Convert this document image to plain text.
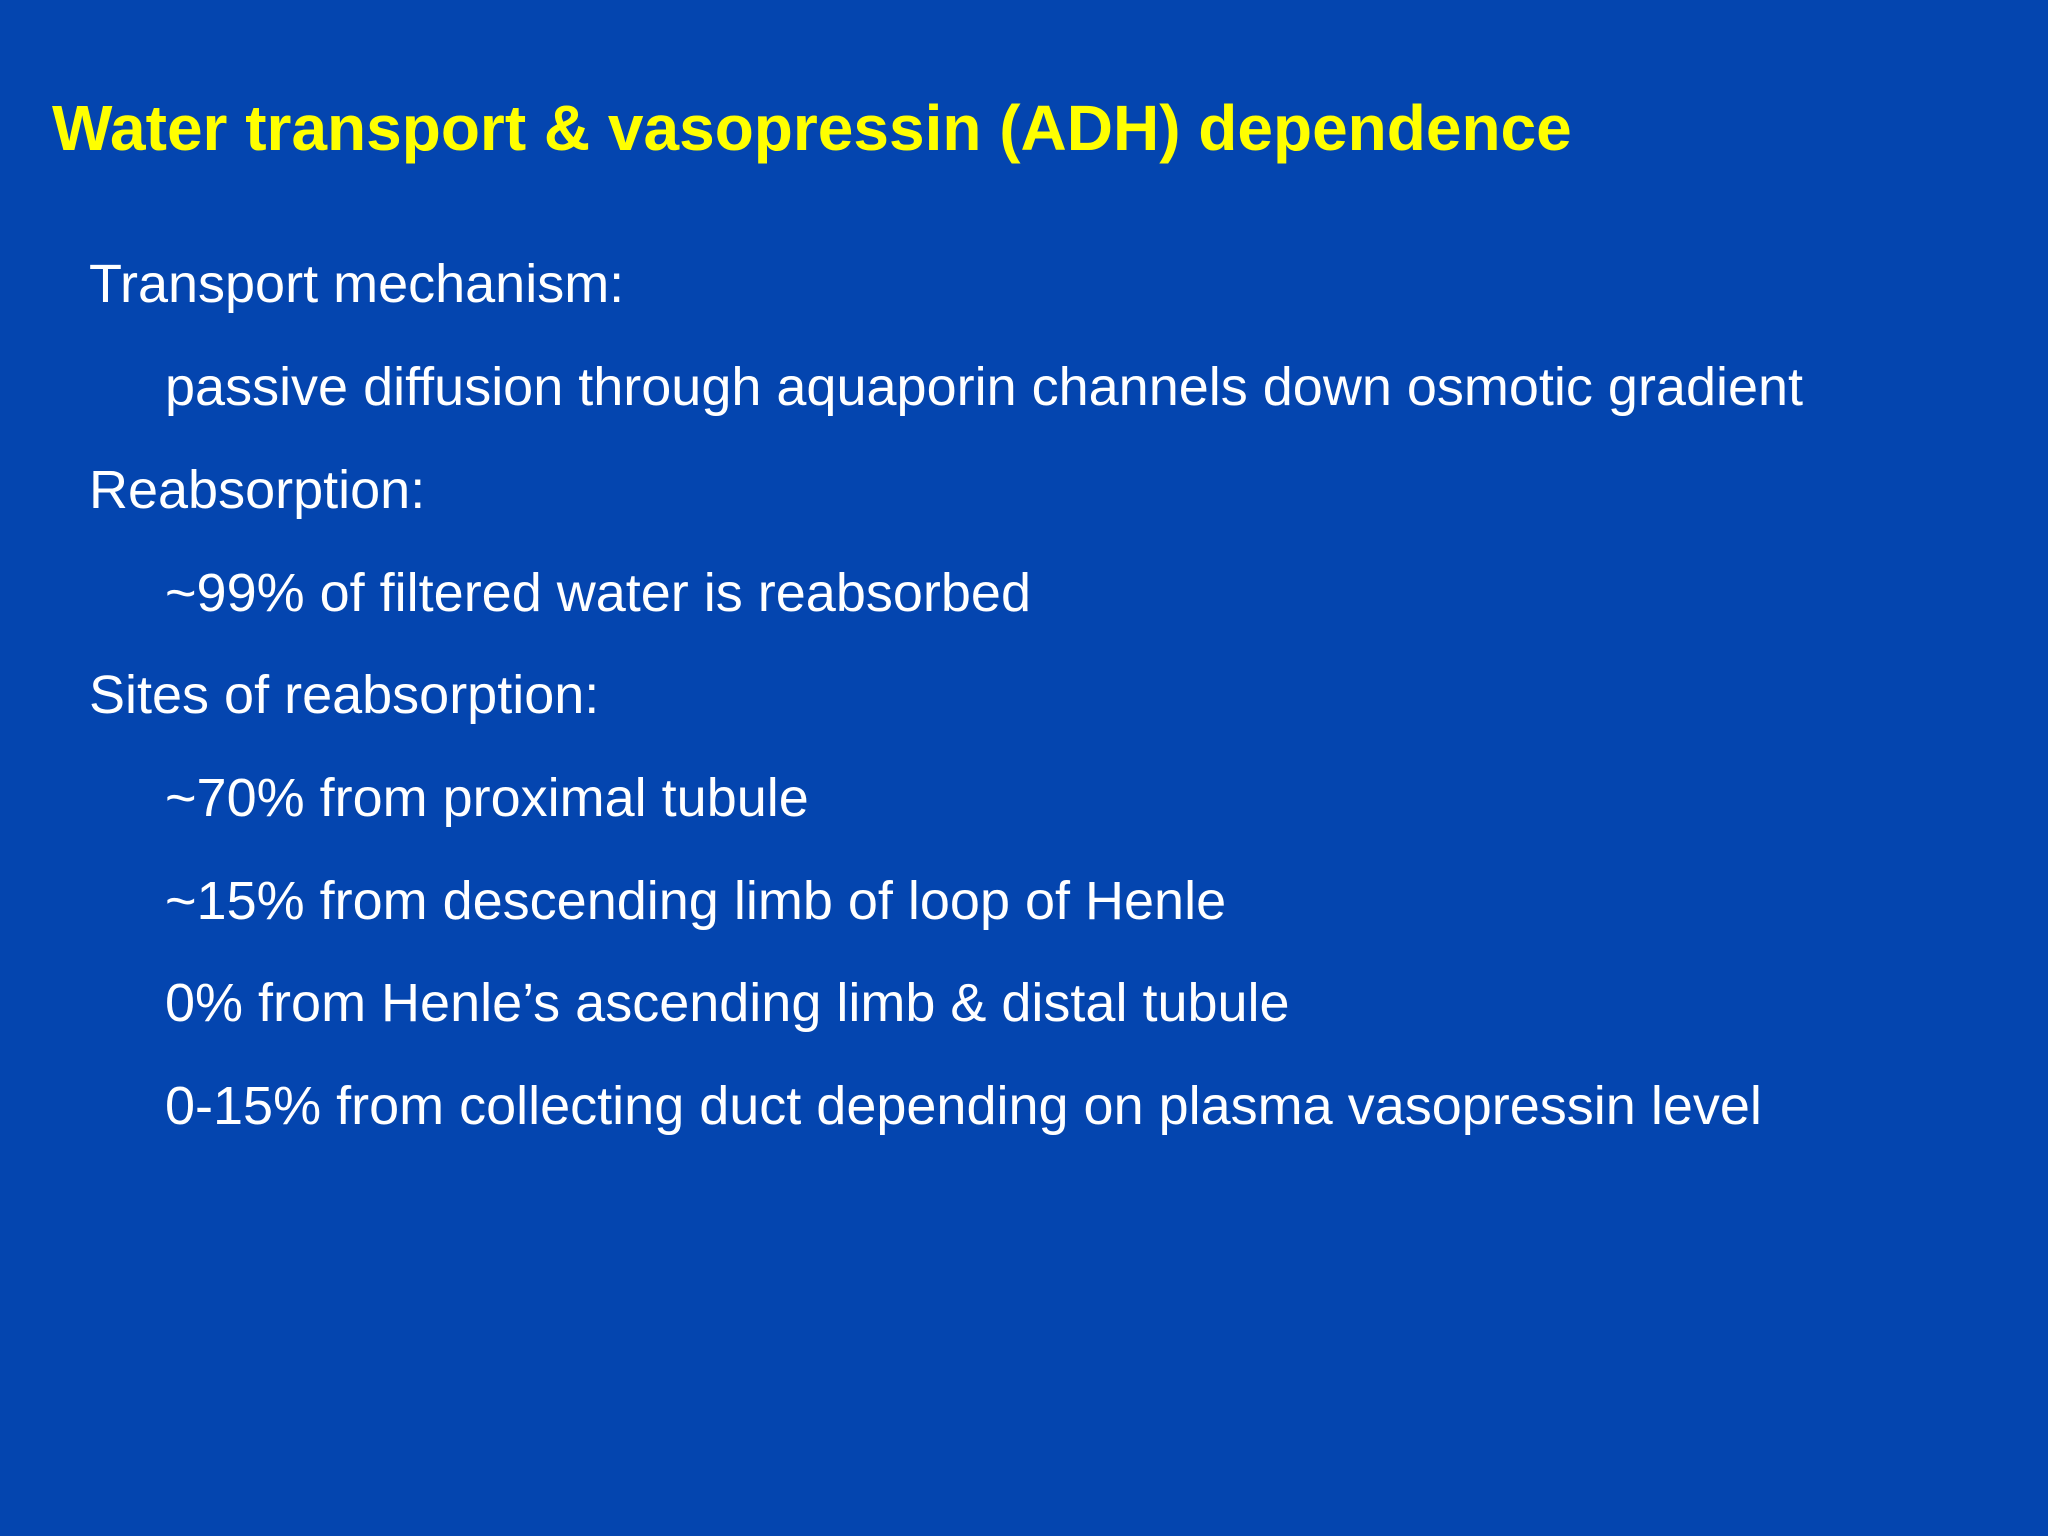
Water transport & vasopressin (ADH) dependence

Transport mechanism:

passive diffusion through aquaporin channels down osmotic gradient

Reabsorption:

~99% of filtered water is reabsorbed

Sites of reabsorption:

~70% from proximal tubule

~15% from descending limb of loop of Henle

0% from Henle’s ascending limb & distal tubule

0-15% from collecting duct depending on plasma vasopressin level
